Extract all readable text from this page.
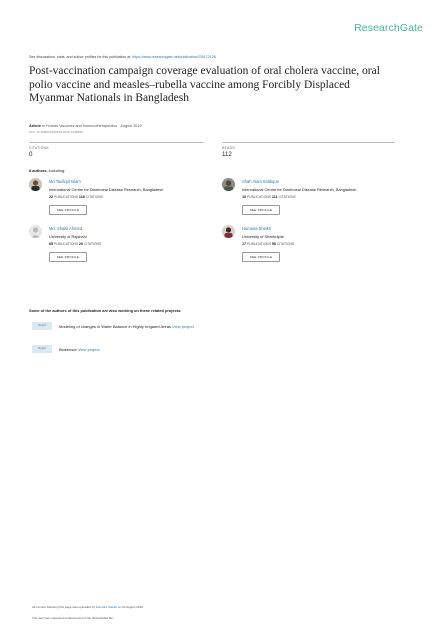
ResearchGate
See discussions, stats, and author profiles for this publication at: https://www.researchgate.net/publication/335172128
Post-vaccination campaign coverage evaluation of oral cholera vaccine, oral
polio vaccine and measles–rubella vaccine among Forcibly Displaced
Myanmar Nationals in Bangladesh
Article in Human Vaccines and Immunotherapeutics · August 2019
DOI: 10.1080/21645515.2019.1649555
CITATIONS
0
READS
112
8 authors, including:
Md Taufiqul Islam
International Centre for Diarrhoeal Disease Research, Bangladesh
22 PUBLICATIONS 118 CITATIONS
SEE PROFILE
Shah Alam Siddique
International Centre for Diarrhoeal Disease Research, Bangladesh
10 PUBLICATIONS 111 CITATIONS
SEE PROFILE
Md. Shakil Ahmed
University of Rajshahi
65 PUBLICATIONS 20 CITATIONS
SEE PROFILE
Humaira Sheikh
University of Strathclyde
17 PUBLICATIONS 56 CITATIONS
SEE PROFILE
Some of the authors of this publication are also working on these related projects:
Project	Modeling of changes in Water Balance in Highly Irrigated Areas View project
Project	Biosensor View project
All content following this page was uploaded by Humaira Sheikh on 20 August 2019.
The user has requested enhancement of the downloaded file.
